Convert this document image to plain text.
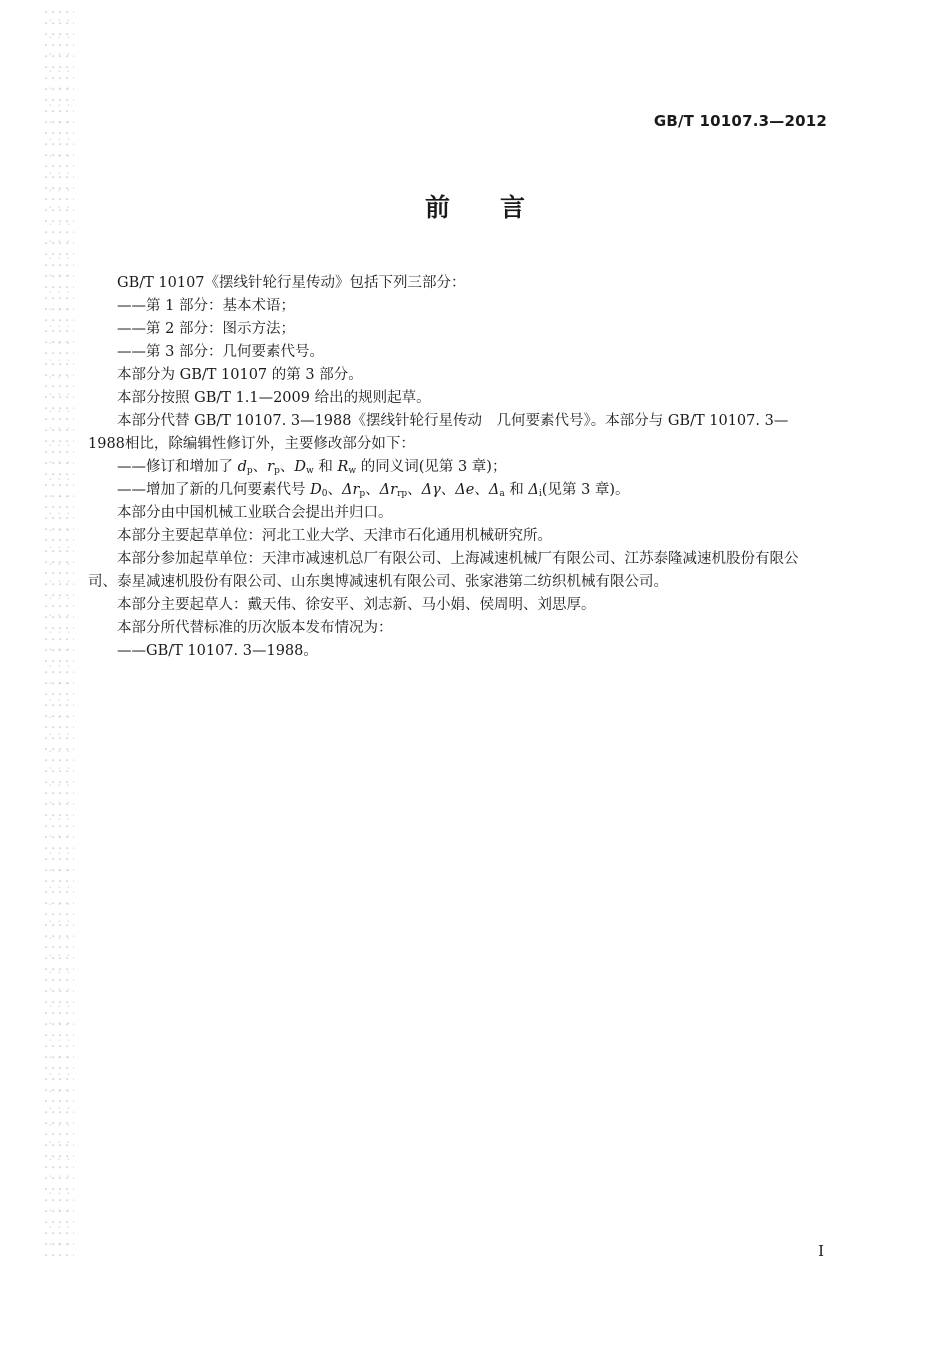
GB/T 10107.3—2012
前 言

GB/T 10107《摆线针轮行星传动》包括下列三部分：

——第 1 部分：基本术语；

——第 2 部分：图示方法；

——第 3 部分：几何要素代号。

本部分为 GB/T 10107 的第 3 部分。

本部分按照 GB/T 1.1—2009 给出的规则起草。

本部分代替 GB/T 10107. 3—1988《摆线针轮行星传动　几何要素代号》。本部分与 GB/T 10107. 3—1988相比，除编辑性修订外，主要修改部分如下：

——修订和增加了 $d_p$、$r_p$、$D_w$ 和 $R_w$ 的同义词(见第 3 章)；

——增加了新的几何要素代号 $D_0$、$\Delta r_p$、$\Delta r_{rp}$、Δγ、Δe、$\Delta_a$ 和 $\Delta_i$(见第 3 章)。

本部分由中国机械工业联合会提出并归口。

本部分主要起草单位：河北工业大学、天津市石化通用机械研究所。

本部分参加起草单位：天津市减速机总厂有限公司、上海减速机械厂有限公司、江苏泰隆减速机股份有限公司、泰星减速机股份有限公司、山东奥博减速机有限公司、张家港第二纺织机械有限公司。

本部分主要起草人：戴天伟、徐安平、刘志新、马小娟、侯周明、刘思厚。

本部分所代替标准的历次版本发布情况为：

——GB/T 10107. 3—1988。

I
